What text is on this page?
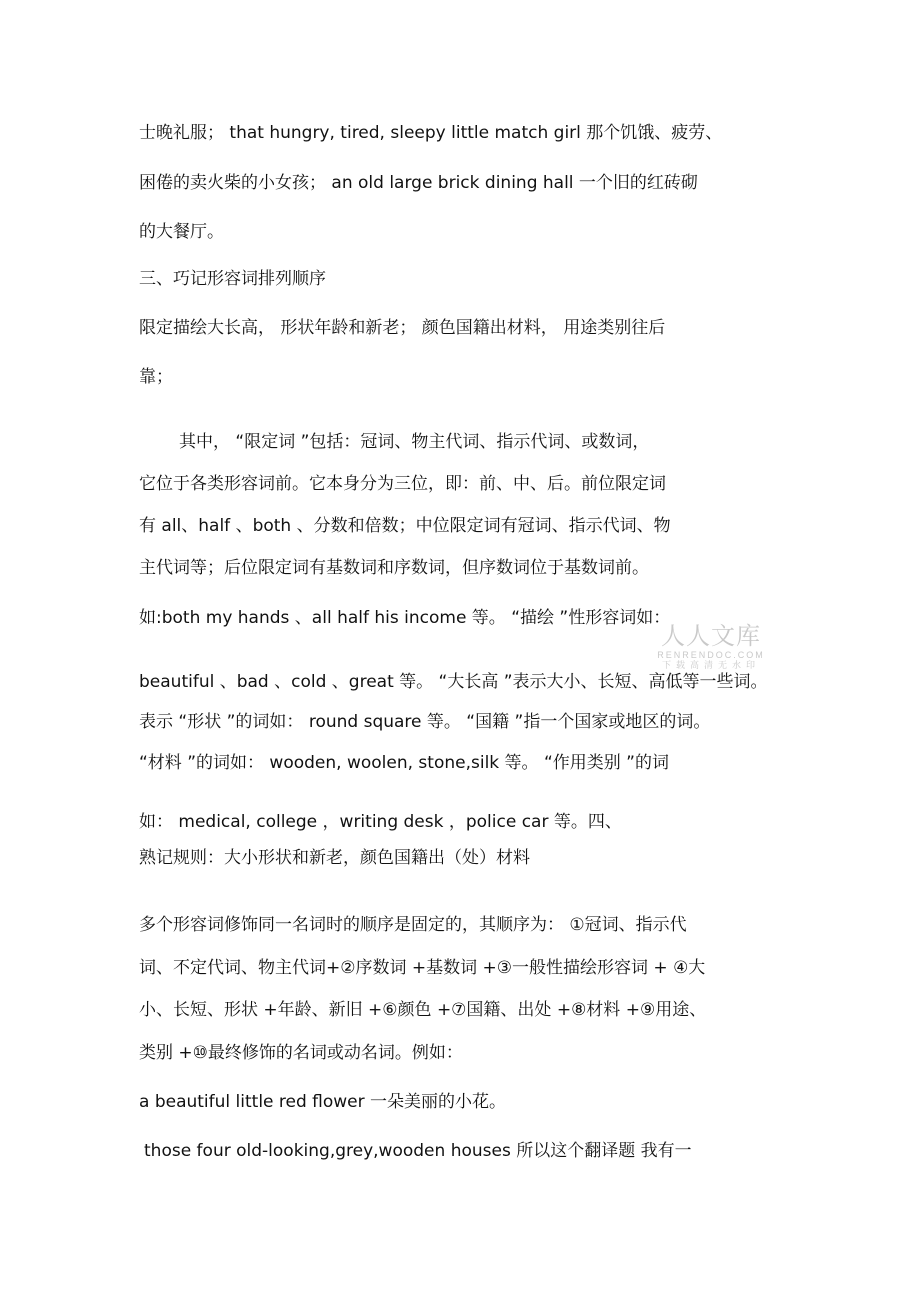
士晚礼服； that hungry, tired, sleepy little match girl 那个饥饿、疲劳、

困倦的卖火柴的小女孩； an old large brick dining hall 一个旧的红砖砌

的大餐厅。

三、巧记形容词排列顺序

限定描绘大长高， 形状年龄和新老； 颜色国籍出材料， 用途类别往后

靠；

其中， “限定词 ”包括：冠词、物主代词、指示代词、或数词，

它位于各类形容词前。它本身分为三位，即：前、中、后。前位限定词

有 all、half 、both 、分数和倍数；中位限定词有冠词、指示代词、物

主代词等；后位限定词有基数词和序数词，但序数词位于基数词前。

如:both my hands 、all half his income 等。 “描绘 ”性形容词如：

beautiful 、bad 、cold 、great 等。 “大长高 ”表示大小、长短、高低等一些词。

表示 “形状 ”的词如： round square 等。 “国籍 ”指一个国家或地区的词。

“材料 ”的词如： wooden, woolen, stone,silk 等。 “作用类别 ”的词

如： medical, college ，writing desk ，police car 等。四、

熟记规则：大小形状和新老，颜色国籍出（处）材料

多个形容词修饰同一名词时的顺序是固定的，其顺序为： ①冠词、指示代

词、不定代词、物主代词+②序数词 +基数词 +③一般性描绘形容词 + ④大

小、长短、形状 +年龄、新旧 +⑥颜色 +⑦国籍、出处 +⑧材料 +⑨用途、

类别 +⑩最终修饰的名词或动名词。例如：

a beautiful little red flower 一朵美丽的小花。

those four old-looking,grey,wooden houses 所以这个翻译题 我有一

人人文库
RENRENDOC.COM
下载高清无水印
